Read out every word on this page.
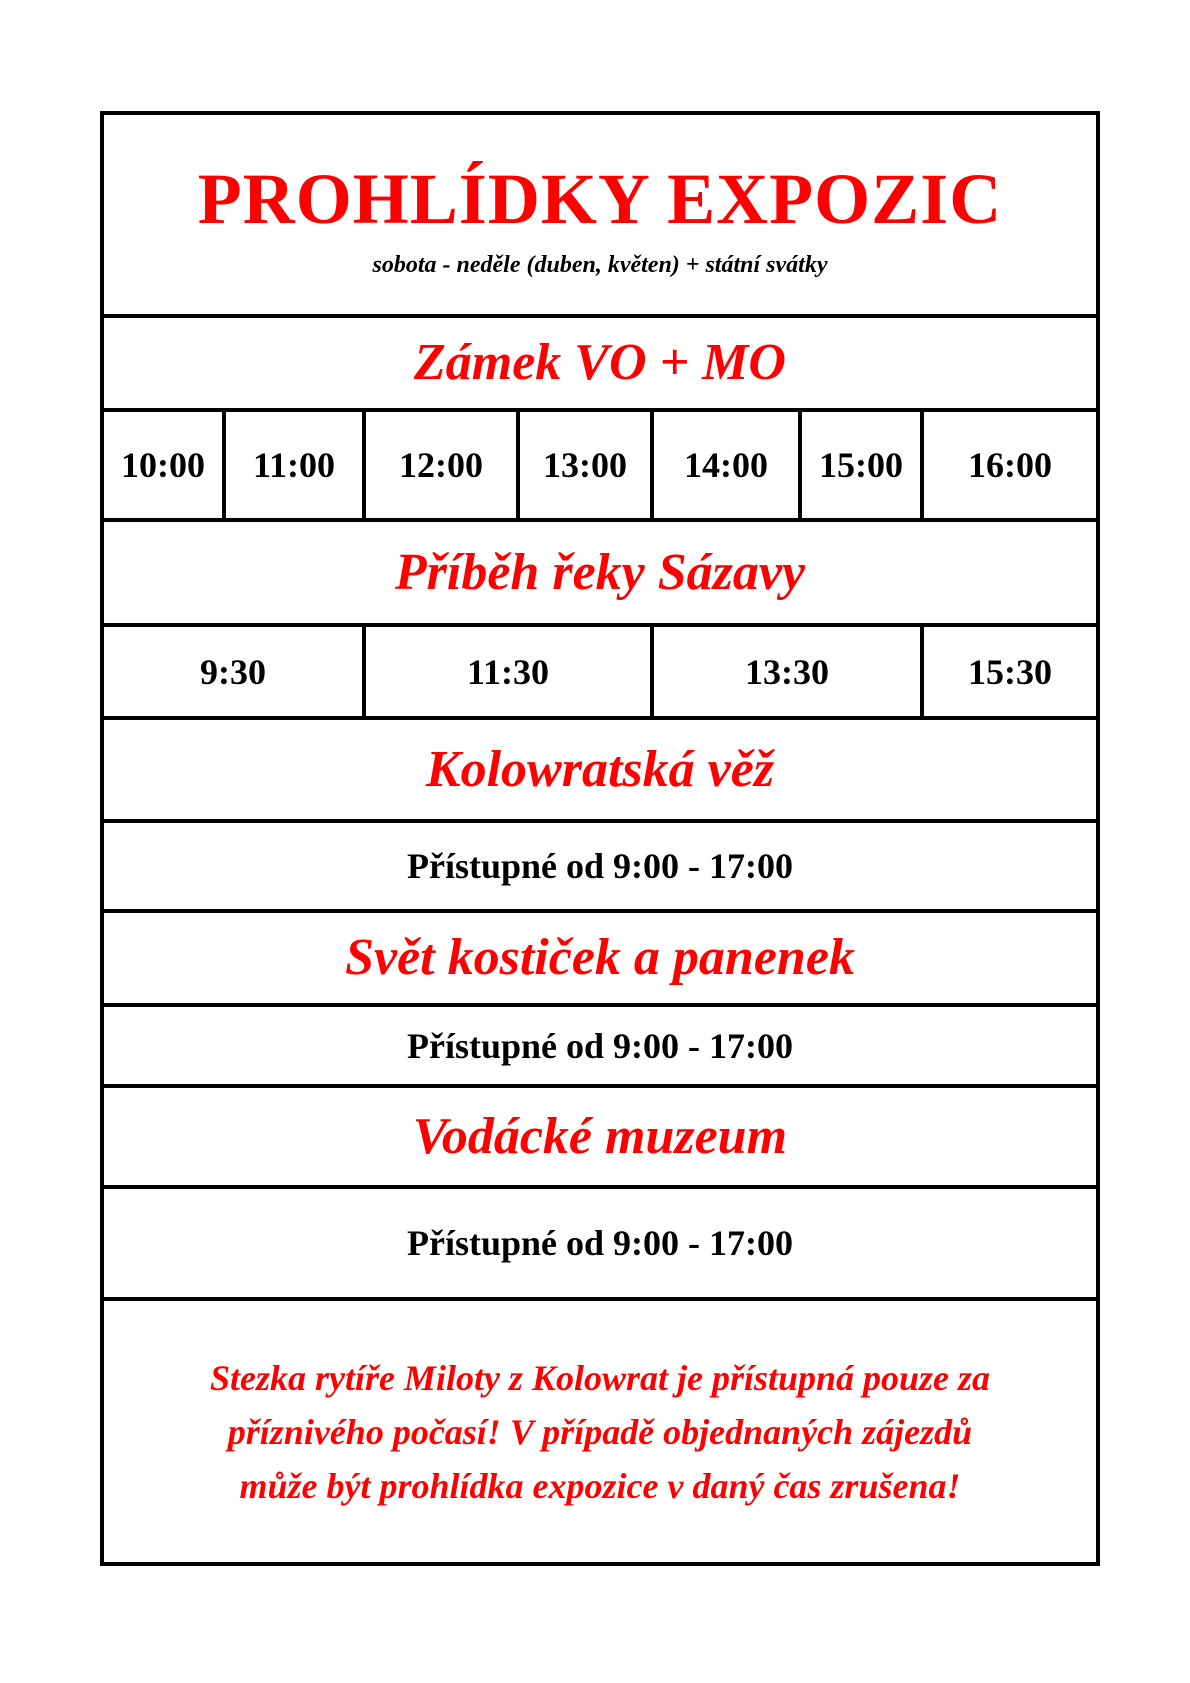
PROHLÍDKY EXPOZIC
sobota - neděle (duben, květen) + státní svátky
Zámek VO + MO
10:00	11:00	12:00	13:00	14:00	15:00	16:00
Příběh řeky Sázavy
9:30	11:30	13:30	15:30
Kolowratská věž
Přístupné od 9:00 - 17:00
Svět kostiček a panenek
Přístupné od 9:00 - 17:00
Vodácké muzeum
Přístupné od 9:00 - 17:00
Stezka rytíře Miloty z Kolowrat je přístupná pouze za
příznivého počasí! V případě objednaných zájezdů
může být prohlídka expozice v daný čas zrušena!
